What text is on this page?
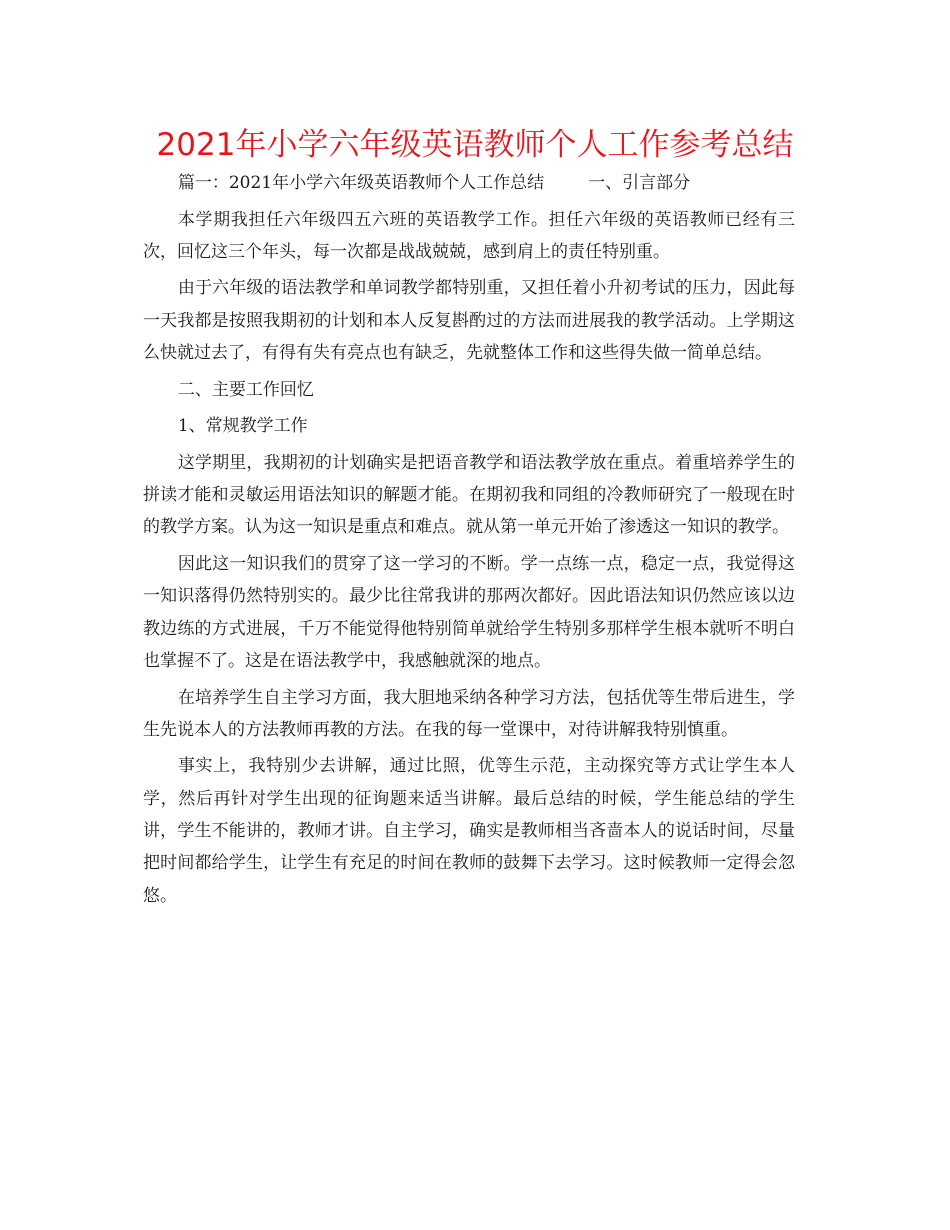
2021年小学六年级英语教师个人工作参考总结

篇一：2021年小学六年级英语教师个人工作总结	一、引言部分

本学期我担任六年级四五六班的英语教学工作。担任六年级的英语教师已经有三次，回忆这三个年头，每一次都是战战兢兢，感到肩上的责任特别重。

由于六年级的语法教学和单词教学都特别重，又担任着小升初考试的压力，因此每一天我都是按照我期初的计划和本人反复斟酌过的方法而进展我的教学活动。上学期这么快就过去了，有得有失有亮点也有缺乏，先就整体工作和这些得失做一简单总结。

二、主要工作回忆

1、常规教学工作

这学期里，我期初的计划确实是把语音教学和语法教学放在重点。着重培养学生的拼读才能和灵敏运用语法知识的解题才能。在期初我和同组的冷教师研究了一般现在时的教学方案。认为这一知识是重点和难点。就从第一单元开始了渗透这一知识的教学。

因此这一知识我们的贯穿了这一学习的不断。学一点练一点，稳定一点，我觉得这一知识落得仍然特别实的。最少比往常我讲的那两次都好。因此语法知识仍然应该以边教边练的方式进展，千万不能觉得他特别简单就给学生特别多那样学生根本就听不明白也掌握不了。这是在语法教学中，我感触就深的地点。

在培养学生自主学习方面，我大胆地采纳各种学习方法，包括优等生带后进生，学生先说本人的方法教师再教的方法。在我的每一堂课中，对待讲解我特别慎重。

事实上，我特别少去讲解，通过比照，优等生示范，主动探究等方式让学生本人学，然后再针对学生出现的征询题来适当讲解。最后总结的时候，学生能总结的学生讲，学生不能讲的，教师才讲。自主学习，确实是教师相当吝啬本人的说话时间，尽量把时间都给学生，让学生有充足的时间在教师的鼓舞下去学习。这时候教师一定得会忽悠。
